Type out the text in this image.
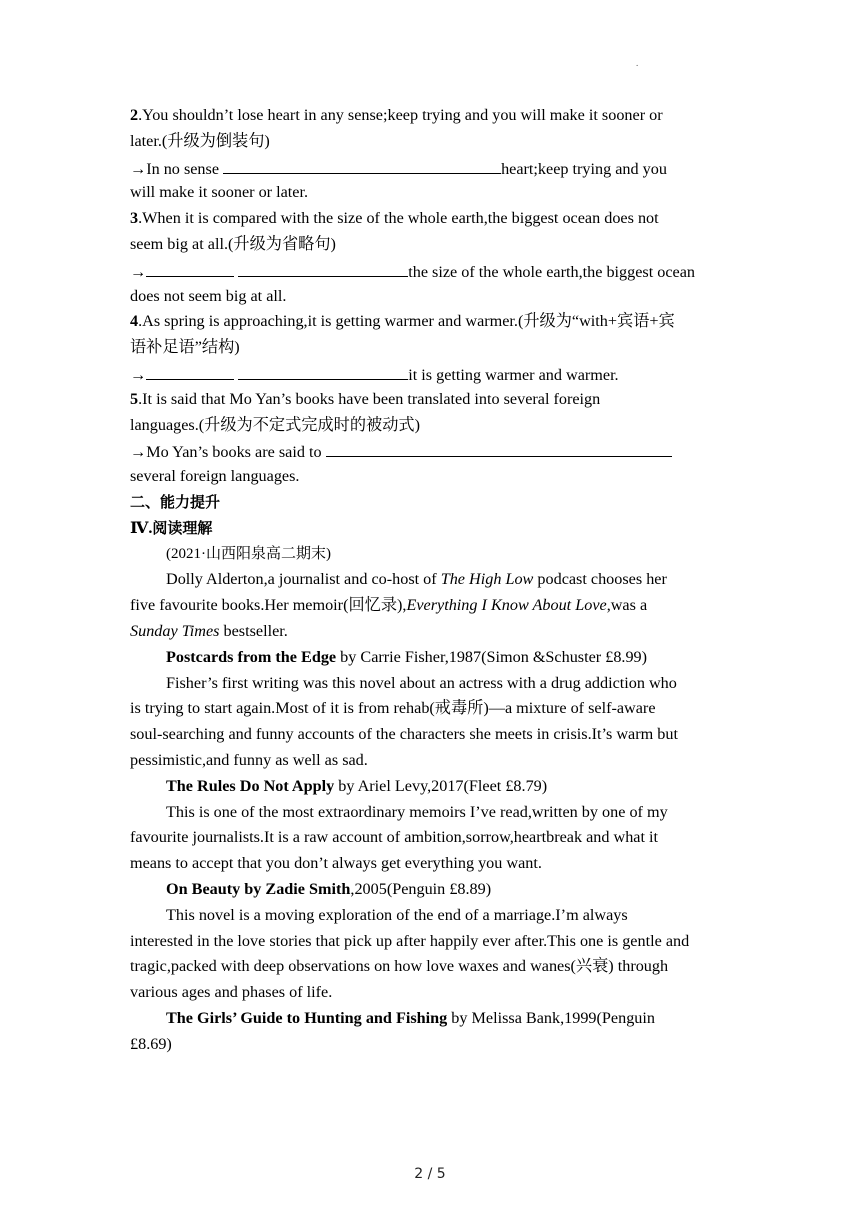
.
2.You shouldn’t lose heart in any sense;keep trying and you will make it sooner or
later.(升级为倒装句)
→In no sense	heart;keep trying and you
will make it sooner or later.
3.When it is compared with the size of the whole earth,the biggest ocean does not
seem big at all.(升级为省略句)
→	the size of the whole earth,the biggest ocean
does not seem big at all.
4.As spring is approaching,it is getting warmer and warmer.(升级为“with+宾语+宾
语补足语”结构)
→	it is getting warmer and warmer.
5.It is said that Mo Yan’s books have been translated into several foreign
languages.(升级为不定式完成时的被动式)
→Mo Yan’s books are said to
several foreign languages.
二、能力提升
Ⅳ.阅读理解
(2021·山西阳泉高二期末)
Dolly Alderton,a journalist and co-host of The High Low podcast chooses her
five favourite books.Her memoir(回忆录),Everything I Know About Love,was a
Sunday Times bestseller.
Postcards from the Edge by Carrie Fisher,1987(Simon &Schuster £8.99)
Fisher’s first writing was this novel about an actress with a drug addiction who
is trying to start again.Most of it is from rehab(戒毒所)—a mixture of self-aware
soul-searching and funny accounts of the characters she meets in crisis.It’s warm but
pessimistic,and funny as well as sad.
The Rules Do Not Apply by Ariel Levy,2017(Fleet £8.79)
This is one of the most extraordinary memoirs I’ve read,written by one of my
favourite journalists.It is a raw account of ambition,sorrow,heartbreak and what it
means to accept that you don’t always get everything you want.
On Beauty by Zadie Smith,2005(Penguin £8.89)
This novel is a moving exploration of the end of a marriage.I’m always
interested in the love stories that pick up after happily ever after.This one is gentle and
tragic,packed with deep observations on how love waxes and wanes(兴衰) through
various ages and phases of life.
The Girls’ Guide to Hunting and Fishing by Melissa Bank,1999(Penguin
£8.69)
2 / 5
